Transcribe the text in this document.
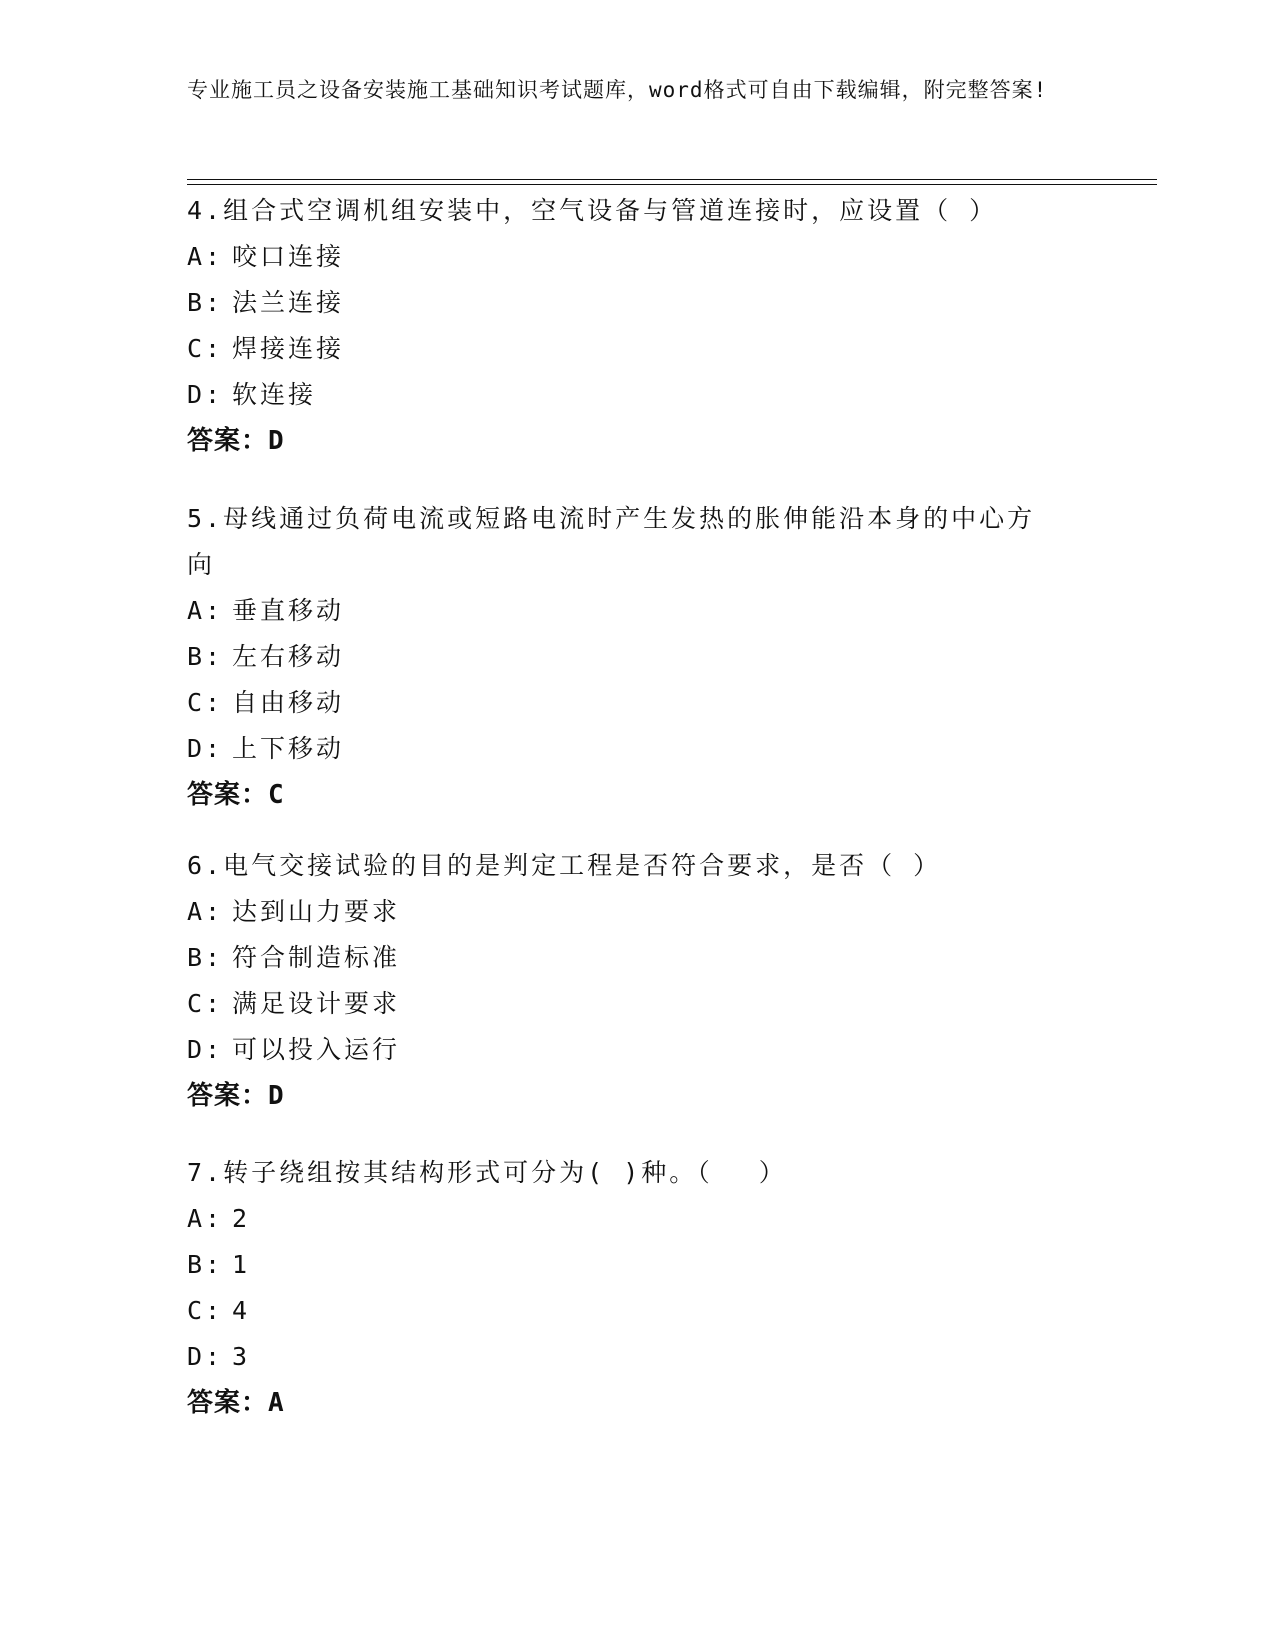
专业施工员之设备安装施工基础知识考试题库，word格式可自由下载编辑，附完整答案!

4.组合式空调机组安装中，空气设备与管道连接时，应设置（ ）

A: 咬口连接
B: 法兰连接
C: 焊接连接
D: 软连接
答案：D

5.母线通过负荷电流或短路电流时产生发热的胀伸能沿本身的中心方向

A: 垂直移动
B: 左右移动
C: 自由移动
D: 上下移动
答案：C

6.电气交接试验的目的是判定工程是否符合要求，是否（ ）

A: 达到山力要求
B: 符合制造标准
C: 满足设计要求
D: 可以投入运行
答案：D

7.转子绕组按其结构形式可分为( )种。（　 ）

A: 2
B: 1
C: 4
D: 3
答案：A
